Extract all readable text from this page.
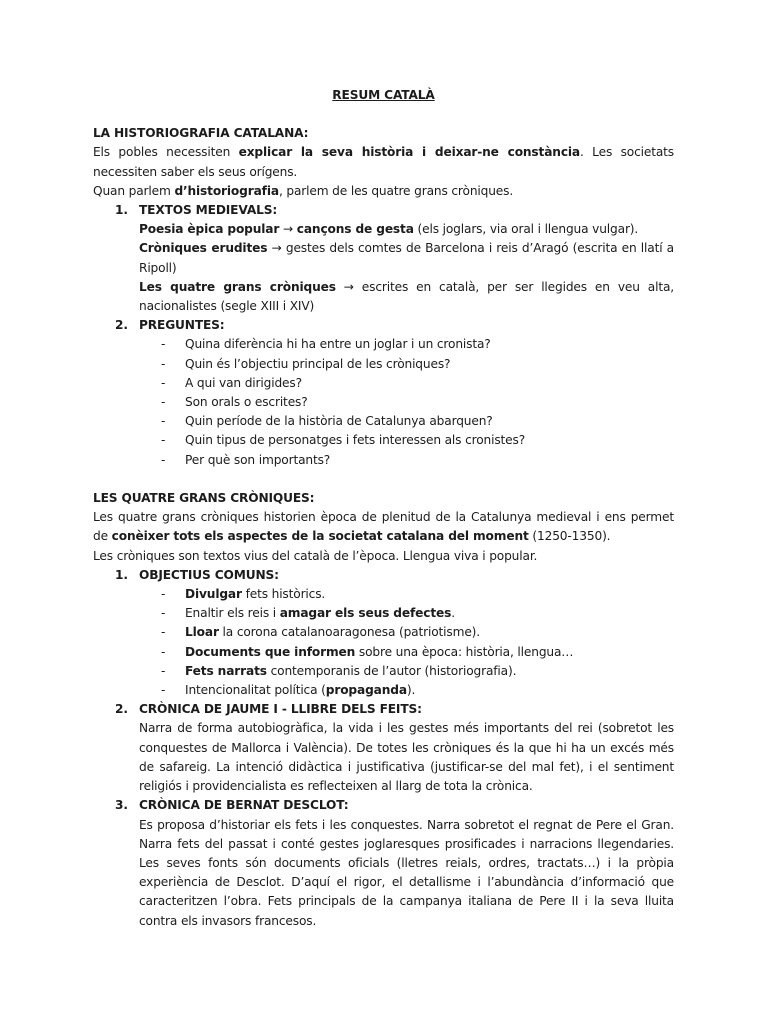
RESUM CATALÀ
LA HISTORIOGRAFIA CATALANA:

Els pobles necessiten explicar la seva història i deixar-ne constància. Les societats necessiten saber els seus orígens.

Quan parlem d’historiografia, parlem de les quatre grans cròniques.

1. TEXTOS MEDIEVALS:

Poesia èpica popular → cançons de gesta (els joglars, via oral i llengua vulgar).

Cròniques erudites → gestes dels comtes de Barcelona i reis d’Aragó (escrita en llatí a Ripoll)

Les quatre grans cròniques → escrites en català, per ser llegides en veu alta, nacionalistes (segle XIII i XIV)

2. PREGUNTES:
- Quina diferència hi ha entre un joglar i un cronista?
- Quin és l’objectiu principal de les cròniques?
- A qui van dirigides?
- Son orals o escrites?
- Quin període de la història de Catalunya abarquen?
- Quin tipus de personatges i fets interessen als cronistes?
- Per què son importants?
LES QUATRE GRANS CRÒNIQUES:

Les quatre grans cròniques historien època de plenitud de la Catalunya medieval i ens permet de conèixer tots els aspectes de la societat catalana del moment (1250-1350).

Les cròniques son textos vius del català de l’època. Llengua viva i popular.

1. OBJECTIUS COMUNS:
- Divulgar fets històrics.
- Enaltir els reis i amagar els seus defectes.
- Lloar la corona catalanoaragonesa (patriotisme).
- Documents que informen sobre una època: història, llengua…
- Fets narrats contemporanis de l’autor (historiografia).
- Intencionalitat política (propaganda).
2. CRÒNICA DE JAUME I - LLIBRE DELS FEITS:

Narra de forma autobiogràfica, la vida i les gestes més importants del rei (sobretot les conquestes de Mallorca i València). De totes les cròniques és la que hi ha un excés més de safareig. La intenció didàctica i justificativa (justificar-se del mal fet), i el sentiment religiós i providencialista es reflecteixen al llarg de tota la crònica.

3. CRÒNICA DE BERNAT DESCLOT:

Es proposa d’historiar els fets i les conquestes. Narra sobretot el regnat de Pere el Gran. Narra fets del passat i conté gestes joglaresques prosificades i narracions llegendaries. Les seves fonts són documents oficials (lletres reials, ordres, tractats…) i la pròpia experiència de Desclot. D’aquí el rigor, el detallisme i l’abundància d’informació que caracteritzen l’obra. Fets principals de la campanya italiana de Pere II i la seva lluita contra els invasors francesos.
